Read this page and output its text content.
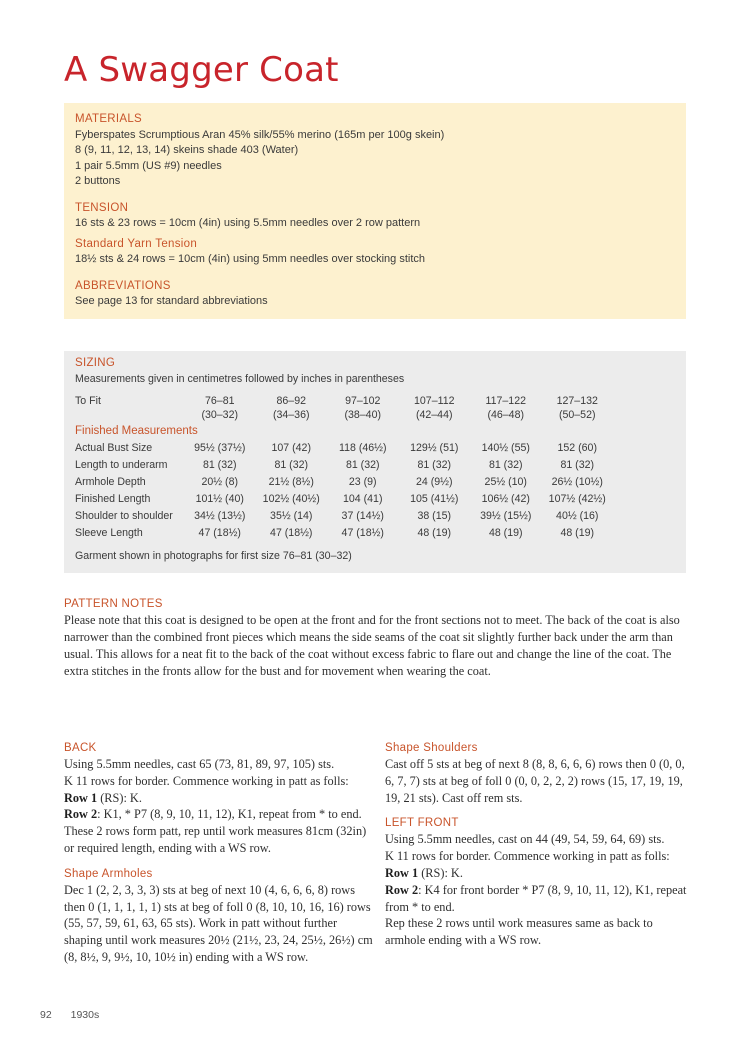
A Swagger Coat
MATERIALS
Fyberspates Scrumptious Aran 45% silk/55% merino (165m per 100g skein)
8 (9, 11, 12, 13, 14) skeins shade 403 (Water)
1 pair 5.5mm (US #9) needles
2 buttons
TENSION
16 sts & 23 rows = 10cm (4in) using 5.5mm needles over 2 row pattern
Standard Yarn Tension
18½ sts & 24 rows = 10cm (4in) using 5mm needles over stocking stitch
ABBREVIATIONS
See page 13 for standard abbreviations
SIZING
Measurements given in centimetres followed by inches in parentheses
To Fit	76–81	86–92	97–102	107–112	117–122	127–132
	(30–32)	(34–36)	(38–40)	(42–44)	(46–48)	(50–52)
Finished Measurements						
Actual Bust Size	95½ (37½)	107 (42)	118 (46½)	129½ (51)	140½ (55)	152 (60)
Length to underarm	81 (32)	81 (32)	81 (32)	81 (32)	81 (32)	81 (32)
Armhole Depth	20½ (8)	21½ (8½)	23 (9)	24 (9½)	25½ (10)	26½ (10½)
Finished Length	101½ (40)	102½ (40½)	104 (41)	105 (41½)	106½ (42)	107½ (42½)
Shoulder to shoulder	34½ (13½)	35½ (14)	37 (14½)	38 (15)	39½ (15½)	40½ (16)
Sleeve Length	47 (18½)	47 (18½)	47 (18½)	48 (19)	48 (19)	48 (19)
Garment shown in photographs for first size 76–81 (30–32)
PATTERN NOTES

Please note that this coat is designed to be open at the front and for the front sections not to meet. The back of the coat is also narrower than the combined front pieces which means the side seams of the coat sit slightly further back under the arm than usual. This allows for a neat fit to the back of the coat without excess fabric to flare out and change the line of the coat. The extra stitches in the fronts allow for the bust and for movement when wearing the coat.

BACK

Using 5.5mm needles, cast 65 (73, 81, 89, 97, 105) sts.

K 11 rows for border. Commence working in patt as folls:

Row 1 (RS): K.

Row 2: K1, * P7 (8, 9, 10, 11, 12), K1, repeat from * to end.

These 2 rows form patt, rep until work measures 81cm (32in) or required length, ending with a WS row.

Shape Armholes

Dec 1 (2, 2, 3, 3, 3) sts at beg of next 10 (4, 6, 6, 6, 8) rows then 0 (1, 1, 1, 1, 1) sts at beg of foll 0 (8, 10, 10, 16, 16) rows (55, 57, 59, 61, 63, 65 sts). Work in patt without further shaping until work measures 20½ (21½, 23, 24, 25½, 26½) cm (8, 8½, 9, 9½, 10, 10½ in) ending with a WS row.

Shape Shoulders

Cast off 5 sts at beg of next 8 (8, 8, 6, 6, 6) rows then 0 (0, 0, 6, 7, 7) sts at beg of foll 0 (0, 0, 2, 2, 2) rows (15, 17, 19, 19, 19, 21 sts). Cast off rem sts.

LEFT FRONT

Using 5.5mm needles, cast on 44 (49, 54, 59, 64, 69) sts.

K 11 rows for border. Commence working in patt as folls:

Row 1 (RS): K.

Row 2: K4 for front border * P7 (8, 9, 10, 11, 12), K1, repeat from * to end.

Rep these 2 rows until work measures same as back to armhole ending with a WS row.

92 1930s
